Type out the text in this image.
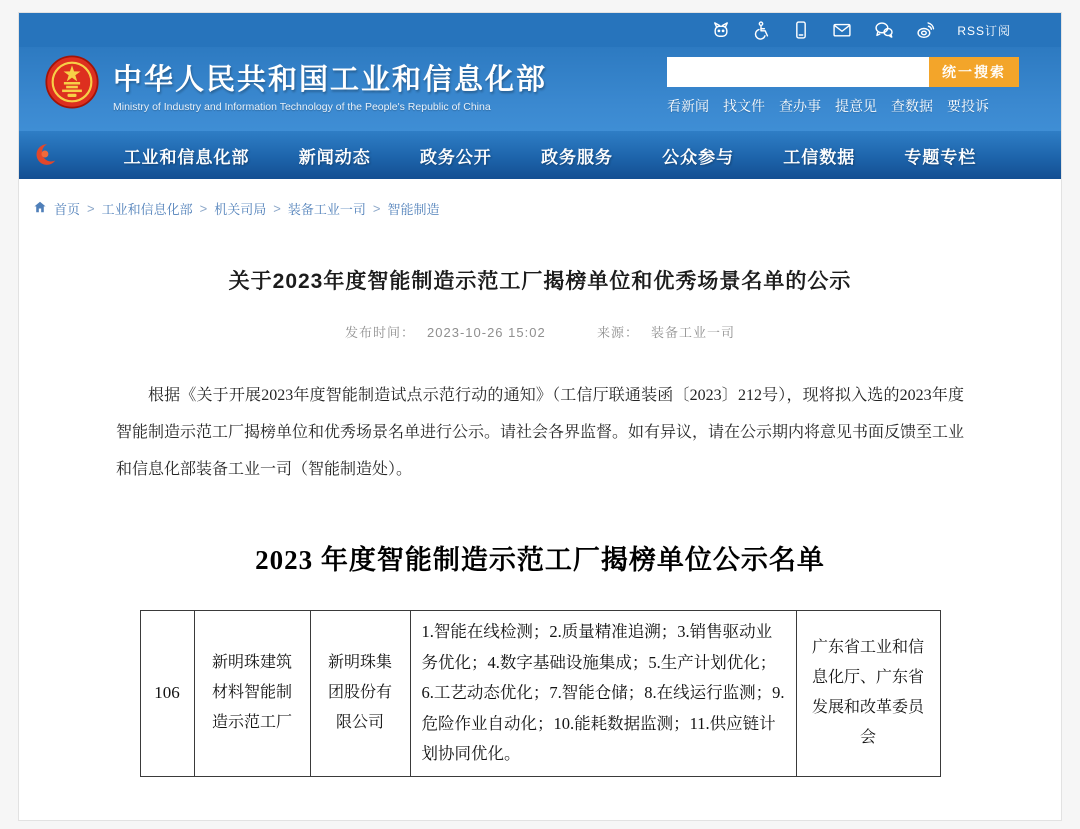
RSS订阅
中华人民共和国工业和信息化部
Ministry of Industry and Information Technology of the People's Republic of China
统一搜索
看新闻 找文件 查办事 提意见 查数据 要投诉
工业和信息化部	新闻动态	政务公开	政务服务	公众参与	工信数据	专题专栏
首页 > 工业和信息化部 > 机关司局 > 装备工业一司 > 智能制造
关于2023年度智能制造示范工厂揭榜单位和优秀场景名单的公示
发布时间： 2023-10-26 15:02	来源： 装备工业一司
根据《关于开展2023年度智能制造试点示范行动的通知》（工信厅联通装函〔2023〕212号），现将拟入选的2023年度智能制造示范工厂揭榜单位和优秀场景名单进行公示。请社会各界监督。如有异议，请在公示期内将意见书面反馈至工业和信息化部装备工业一司（智能制造处）。
2023 年度智能制造示范工厂揭榜单位公示名单
106	新明珠建筑材料智能制造示范工厂	新明珠集团股份有限公司	1.智能在线检测；2.质量精准追溯；3.销售驱动业务优化；4.数字基础设施集成；5.生产计划优化；6.工艺动态优化；7.智能仓储；8.在线运行监测；9.危险作业自动化；10.能耗数据监测；11.供应链计划协同优化。	广东省工业和信息化厅、广东省发展和改革委员会
